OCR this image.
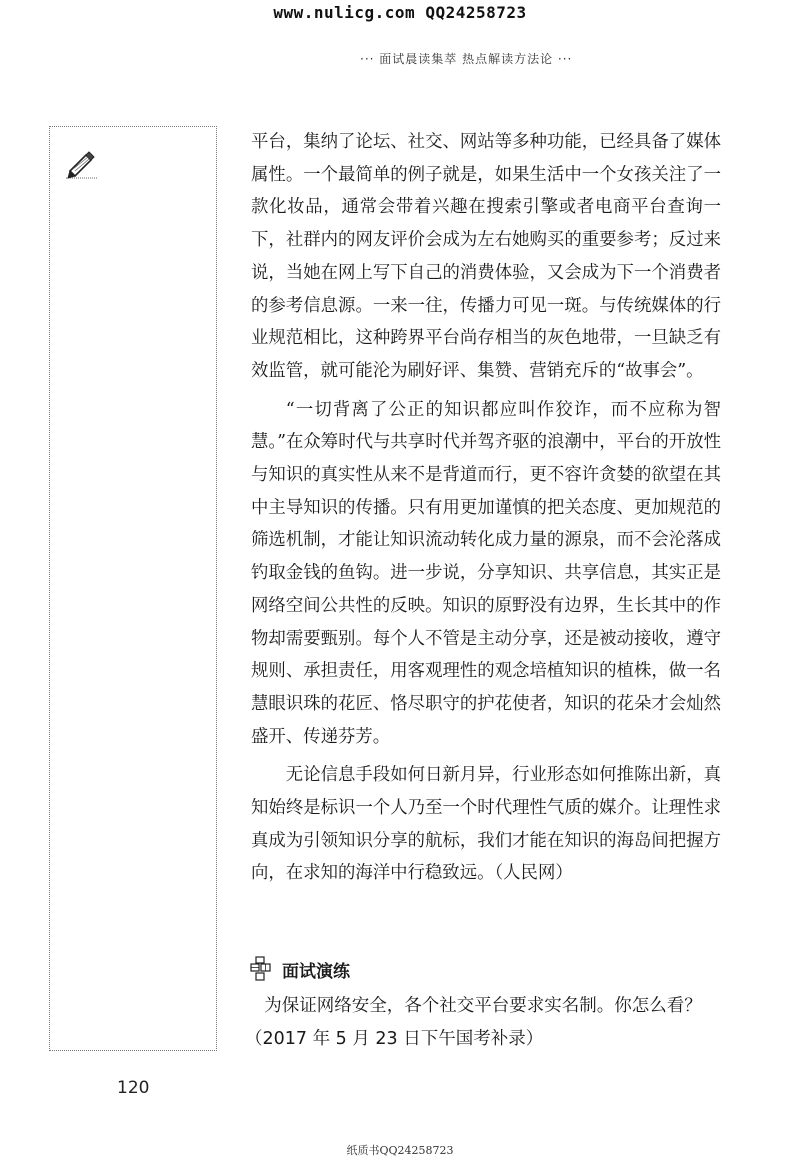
www.nulicg.com QQ24258723
··· 面试晨读集萃 热点解读方法论 ···

平台，集纳了论坛、社交、网站等多种功能，已经具备了媒体属性。一个最简单的例子就是，如果生活中一个女孩关注了一款化妆品，通常会带着兴趣在搜索引擎或者电商平台查询一下，社群内的网友评价会成为左右她购买的重要参考；反过来说，当她在网上写下自己的消费体验，又会成为下一个消费者的参考信息源。一来一往，传播力可见一斑。与传统媒体的行业规范相比，这种跨界平台尚存相当的灰色地带，一旦缺乏有效监管，就可能沦为刷好评、集赞、营销充斥的“故事会”。

“一切背离了公正的知识都应叫作狡诈，而不应称为智慧。”在众筹时代与共享时代并驾齐驱的浪潮中，平台的开放性与知识的真实性从来不是背道而行，更不容许贪婪的欲望在其中主导知识的传播。只有用更加谨慎的把关态度、更加规范的筛选机制，才能让知识流动转化成力量的源泉，而不会沦落成钓取金钱的鱼钩。进一步说，分享知识、共享信息，其实正是网络空间公共性的反映。知识的原野没有边界，生长其中的作物却需要甄别。每个人不管是主动分享，还是被动接收，遵守规则、承担责任，用客观理性的观念培植知识的植株，做一名慧眼识珠的花匠、恪尽职守的护花使者，知识的花朵才会灿然盛开、传递芬芳。

无论信息手段如何日新月异，行业形态如何推陈出新，真知始终是标识一个人乃至一个时代理性气质的媒介。让理性求真成为引领知识分享的航标，我们才能在知识的海岛间把握方向，在求知的海洋中行稳致远。（人民网）

面试演练

为保证网络安全，各个社交平台要求实名制。你怎么看？

（2017 年 5 月 23 日下午国考补录）

120
纸质书QQ24258723
